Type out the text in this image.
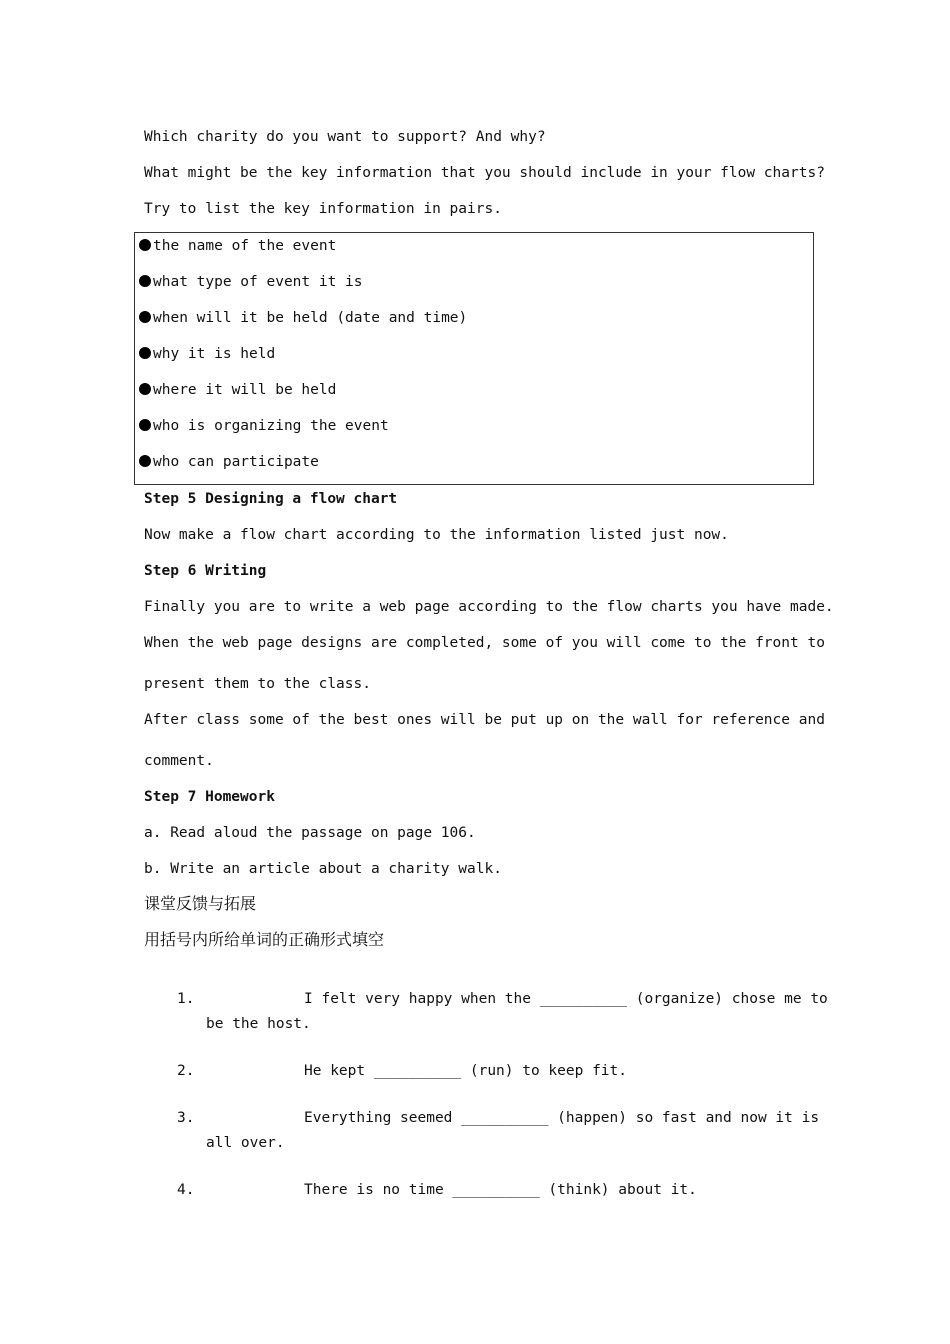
Which charity do you want to support? And why?
What might be the key information that you should include in your flow charts?
Try to list the key information in pairs.
the name of the event
what type of event it is
when will it be held (date and time)
why it is held
where it will be held
who is organizing the event
who can participate
Step 5 Designing a flow chart
Now make a flow chart according to the information listed just now.
Step 6 Writing
Finally you are to write a web page according to the flow charts you have made.
When the web page designs are completed, some of you will come to the front to
present them to the class.
After class some of the best ones will be put up on the wall for reference and
comment.
Step 7 Homework
a. Read aloud the passage on page 106.
b. Write an article about a charity walk.
课堂反馈与拓展
用括号内所给单词的正确形式填空
1.	I felt very happy when the __________ (organize) chose me to
be the host.
2.	He kept __________ (run) to keep fit.
3.	Everything seemed __________ (happen) so fast and now it is
all over.
4.	There is no time __________ (think) about it.
